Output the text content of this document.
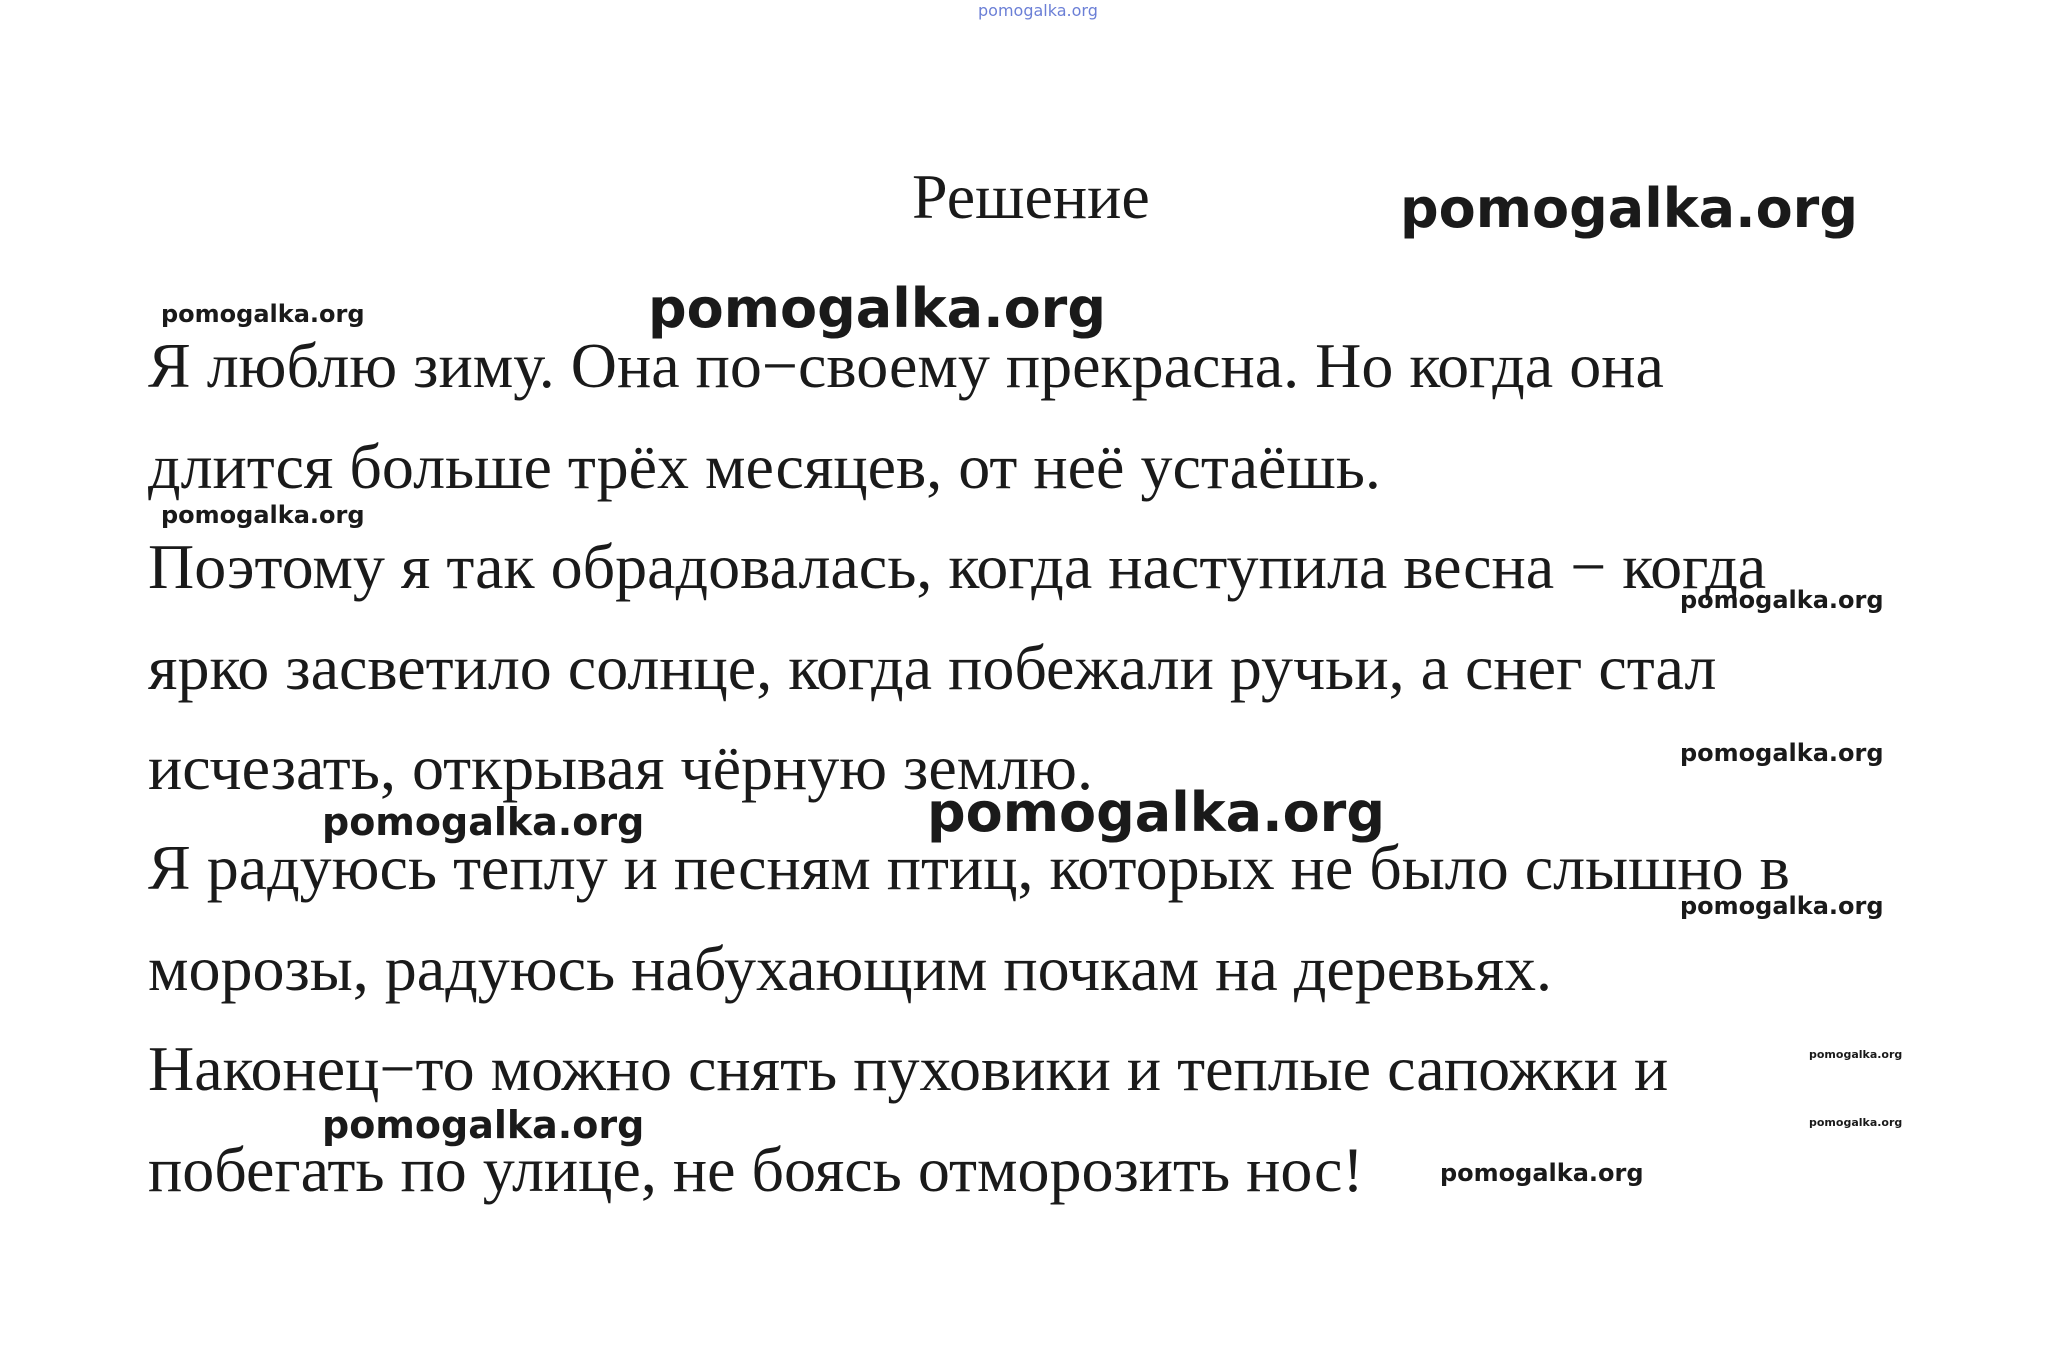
pomogalka.org
Решение
Я люблю зиму. Она по−своему прекрасна. Но когда она
длится больше трёх месяцев, от неё устаёшь.
Поэтому я так обрадовалась, когда наступила весна − когда
ярко засветило солнце, когда побежали ручьи, а снег стал
исчезать, открывая чёрную землю.
Я радуюсь теплу и песням птиц, которых не было слышно в
морозы, радуюсь набухающим почкам на деревьях.
Наконец−то можно снять пуховики и теплые сапожки и
побегать по улице, не боясь отморозить нос!
pomogalka.org
pomogalka.org
pomogalka.org
pomogalka.org
pomogalka.org
pomogalka.org
pomogalka.org
pomogalka.org
pomogalka.org
pomogalka.org
pomogalka.org
pomogalka.org
pomogalka.org
